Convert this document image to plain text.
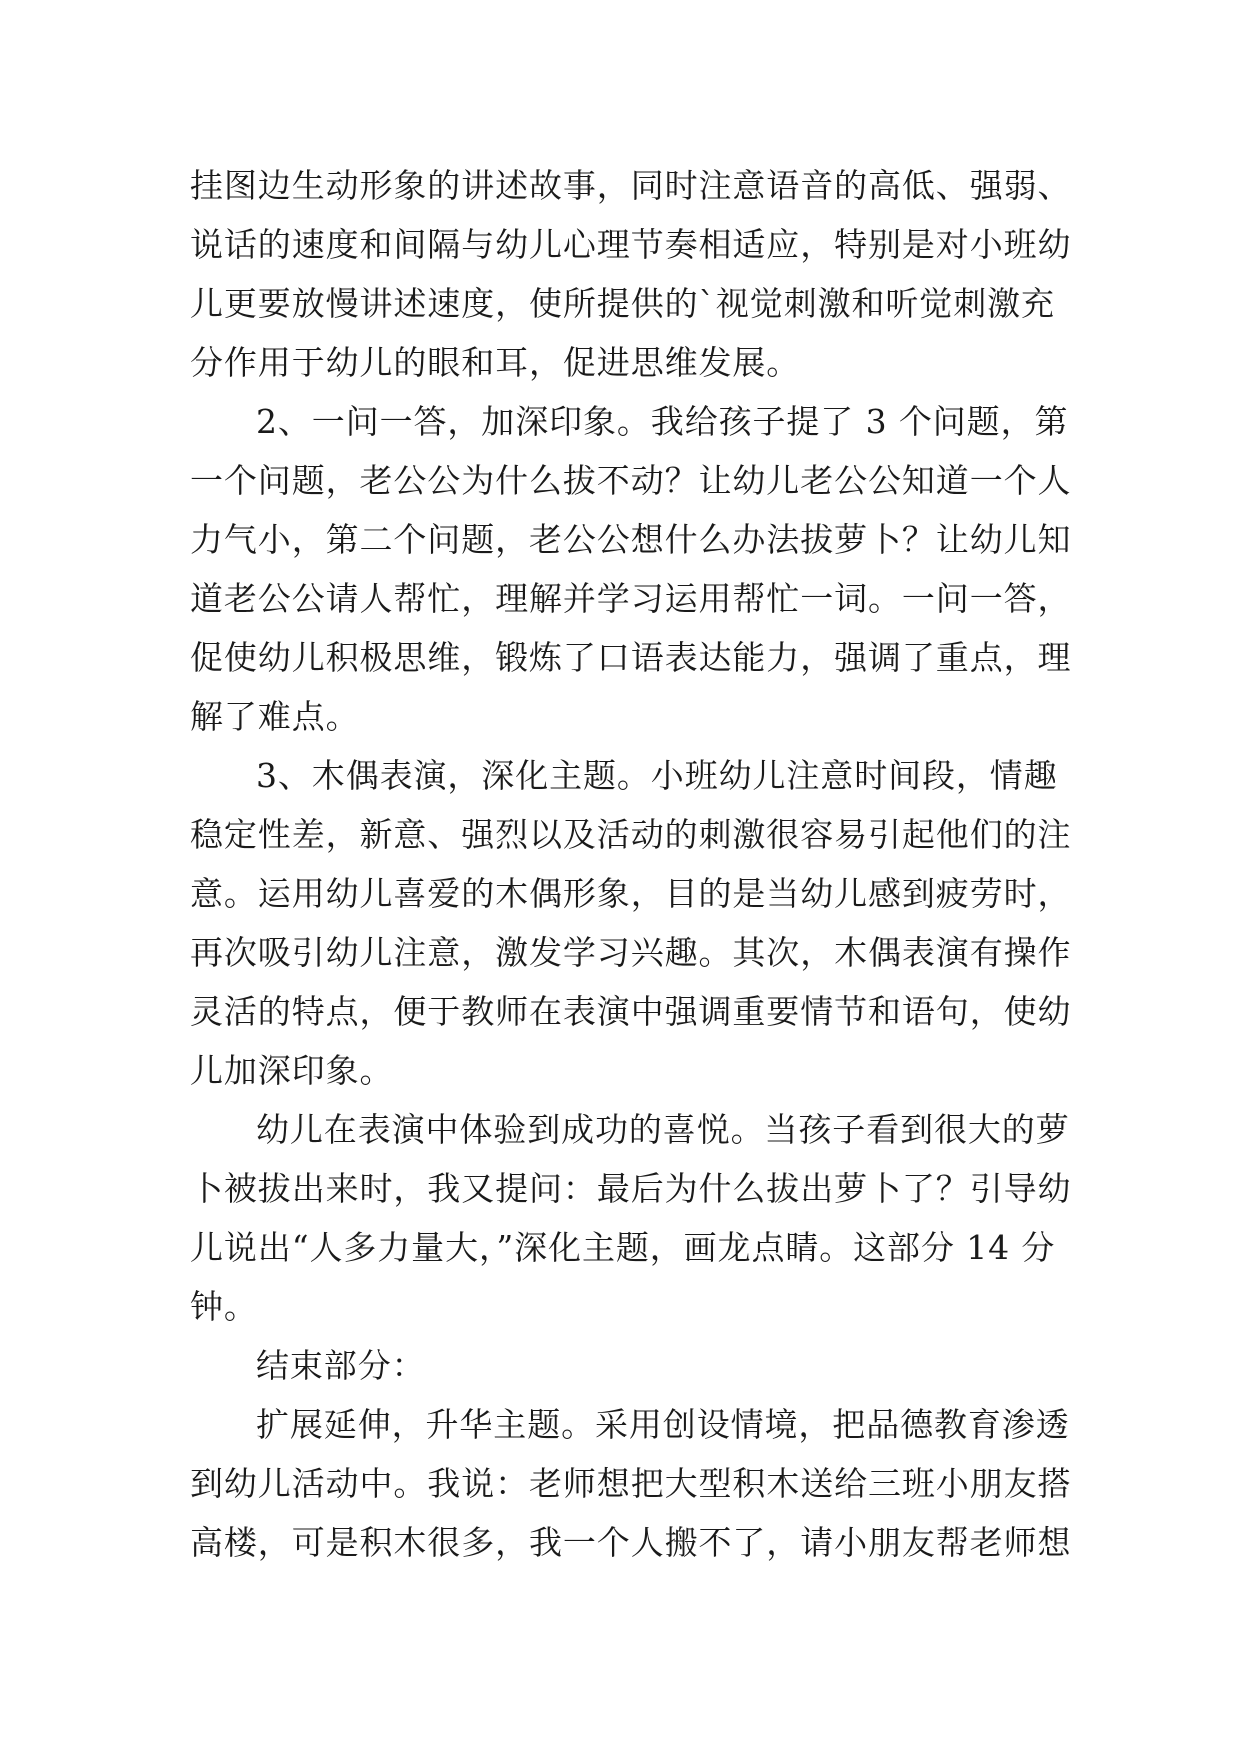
挂图边生动形象的讲述故事，同时注意语音的高低、强弱、
说话的速度和间隔与幼儿心理节奏相适应，特别是对小班幼
儿更要放慢讲述速度，使所提供的`视觉刺激和听觉刺激充
分作用于幼儿的眼和耳，促进思维发展。
2、一问一答，加深印象。我给孩子提了 3 个问题，第
一个问题，老公公为什么拔不动？让幼儿老公公知道一个人
力气小，第二个问题，老公公想什么办法拔萝卜？让幼儿知
道老公公请人帮忙，理解并学习运用帮忙一词。一问一答，
促使幼儿积极思维，锻炼了口语表达能力，强调了重点，理
解了难点。
3、木偶表演，深化主题。小班幼儿注意时间段，情趣
稳定性差，新意、强烈以及活动的刺激很容易引起他们的注
意。运用幼儿喜爱的木偶形象，目的是当幼儿感到疲劳时，
再次吸引幼儿注意，激发学习兴趣。其次，木偶表演有操作
灵活的特点，便于教师在表演中强调重要情节和语句，使幼
儿加深印象。
幼儿在表演中体验到成功的喜悦。当孩子看到很大的萝
卜被拔出来时，我又提问：最后为什么拔出萝卜了？引导幼
儿说出“人多力量大，”深化主题，画龙点睛。这部分 14 分
钟。
结束部分：
扩展延伸，升华主题。采用创设情境，把品德教育渗透
到幼儿活动中。我说：老师想把大型积木送给三班小朋友搭
高楼，可是积木很多，我一个人搬不了，请小朋友帮老师想
